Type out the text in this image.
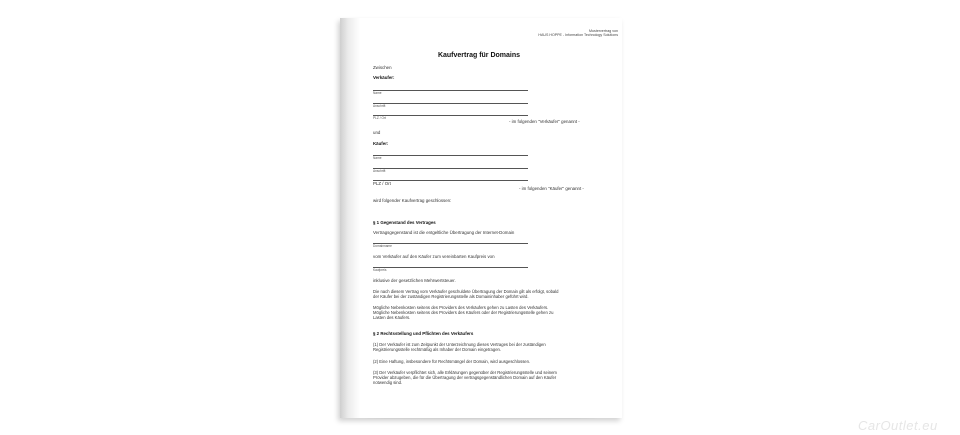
Mustervertrag von
HAUS HOPPE - Information Technology Solutions
Kaufvertrag für Domains
Zwischen
Verkäufer:
Name
Anschrift
PLZ / Ort
- im folgenden "Verkäufer" genannt -
und
Käufer:
Name
Anschrift
PLZ / Ort
- im folgenden "Käufer" genannt -
wird folgender Kaufvertrag geschlossen:
§ 1 Gegenstand des Vertrages
Vertragsgegenstand ist die entgeltliche Übertragung der Internet-Domain
Domainname
vom Verkäufer auf den Käufer zum vereinbarten Kaufpreis von
Kaufpreis
inklusive der gesetzlichen Mehrwertsteuer.
Die nach diesem Vertrag vom Verkäufer geschuldete Übertragung der Domain gilt als erfolgt, sobald
der Käufer bei der zuständigen Registrierungsstelle als Domaininhaber geführt wird.
Mögliche Nebenkosten seitens des Providers des Verkäufers gehen zu Lasten des Verkäufers.
Mögliche Nebenkosten seitens des Providers des Käufers oder der Registrierungsstelle gehen zu
Lasten des Käufers.
§ 2 Rechtsstellung und Pflichten des Verkäufers
(1) Der Verkäufer ist zum Zeitpunkt der Unterzeichnung dieses Vertrages bei der zuständigen
Registrierungsstelle rechtmäßig als Inhaber der Domain eingetragen.
(2) Eine Haftung, insbesondere für Rechtsmängel der Domain, wird ausgeschlossen.
(3) Der Verkäufer verpflichtet sich, alle Erklärungen gegenüber der Registrierungsstelle und seinem
Provider abzugeben, die für die Übertragung der vertragsgegenständlichen Domain auf den Käufer
notwendig sind.
CarOutlet.eu
